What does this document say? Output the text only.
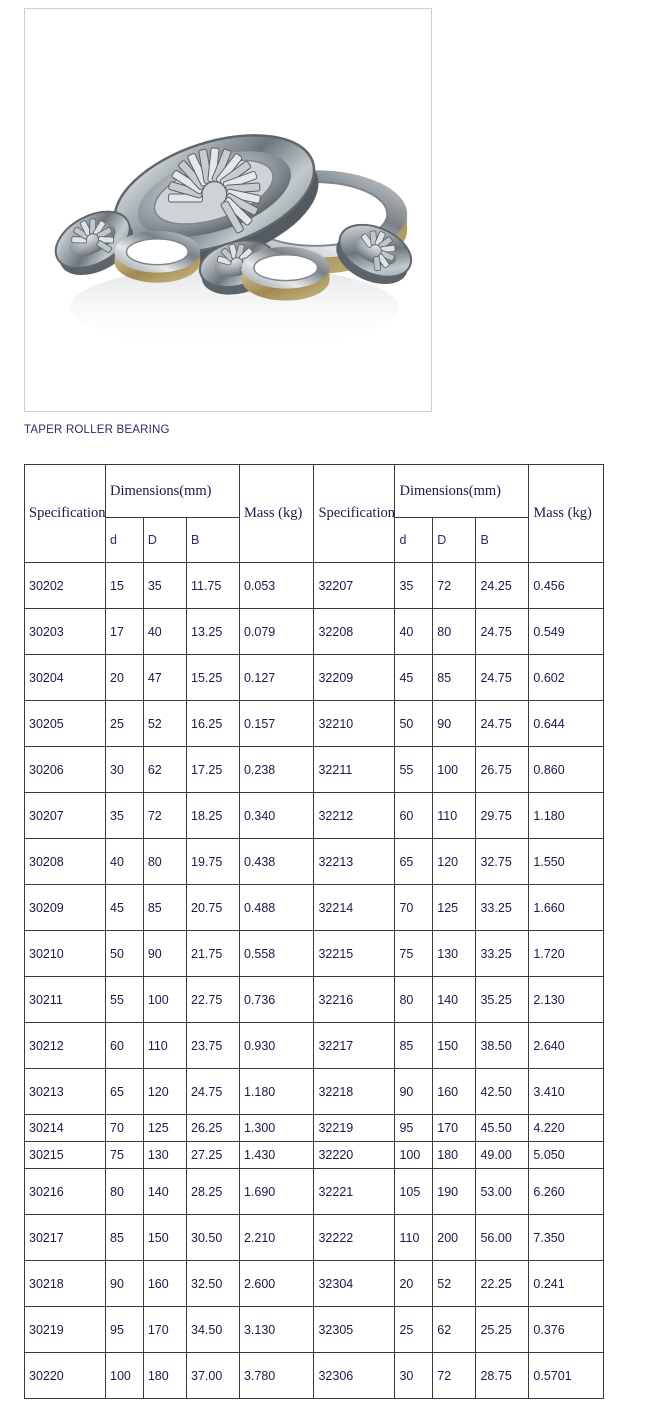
TAPER ROLLER BEARING
Specification	Dimensions(mm)			Mass (kg)	Specification	Dimensions(mm)			Mass (kg)
	d	D	B			d	D	B	
30202	15	35	11.75	0.053	32207	35	72	24.25	0.456
30203	17	40	13.25	0.079	32208	40	80	24.75	0.549
30204	20	47	15.25	0.127	32209	45	85	24.75	0.602
30205	25	52	16.25	0.157	32210	50	90	24.75	0.644
30206	30	62	17.25	0.238	32211	55	100	26.75	0.860
30207	35	72	18.25	0.340	32212	60	110	29.75	1.180
30208	40	80	19.75	0.438	32213	65	120	32.75	1.550
30209	45	85	20.75	0.488	32214	70	125	33.25	1.660
30210	50	90	21.75	0.558	32215	75	130	33.25	1.720
30211	55	100	22.75	0.736	32216	80	140	35.25	2.130
30212	60	110	23.75	0.930	32217	85	150	38.50	2.640
30213	65	120	24.75	1.180	32218	90	160	42.50	3.410
30214	70	125	26.25	1.300	32219	95	170	45.50	4.220
30215	75	130	27.25	1.430	32220	100	180	49.00	5.050
30216	80	140	28.25	1.690	32221	105	190	53.00	6.260
30217	85	150	30.50	2.210	32222	110	200	56.00	7.350
30218	90	160	32.50	2.600	32304	20	52	22.25	0.241
30219	95	170	34.50	3.130	32305	25	62	25.25	0.376
30220	100	180	37.00	3.780	32306	30	72	28.75	0.5701
